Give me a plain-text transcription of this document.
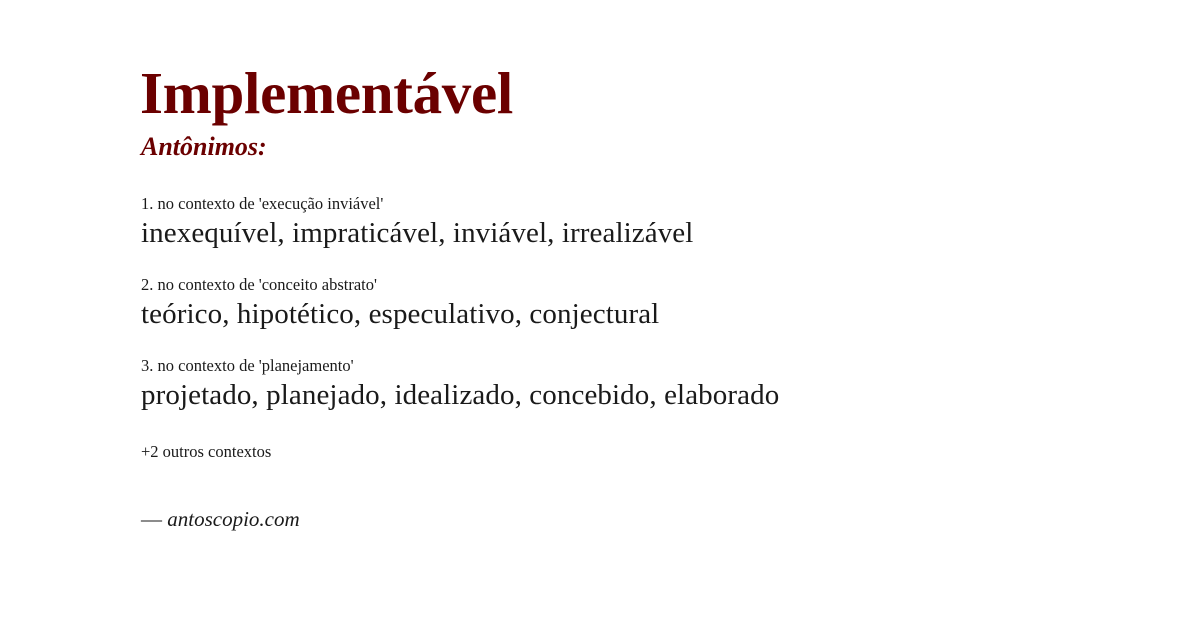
Implementável
Antônimos:
1. no contexto de 'execução inviável'
inexequível, impraticável, inviável, irrealizável
2. no contexto de 'conceito abstrato'
teórico, hipotético, especulativo, conjectural
3. no contexto de 'planejamento'
projetado, planejado, idealizado, concebido, elaborado
+2 outros contextos
— antoscopio.com
